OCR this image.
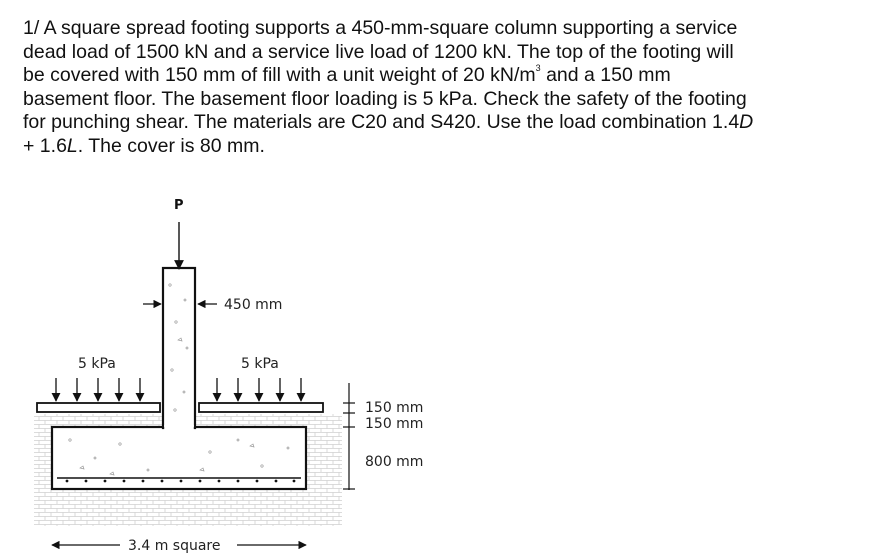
1/ A square spread footing supports a 450-mm-square column supporting a service
dead load of 1500 kN and a service live load of 1200 kN. The top of the footing will
be covered with 150 mm of fill with a unit weight of 20 $kN/m^3$ and a 150 mm
basement floor. The basement floor loading is 5 kPa. Check the safety of the footing
for punching shear. The materials are C20 and S420. Use the load combination 1.4D
+ 1.6L. The cover is 80 mm.
P
450 mm
5 kPa	5 kPa
150 mm
150 mm
800 mm
3.4 m square
